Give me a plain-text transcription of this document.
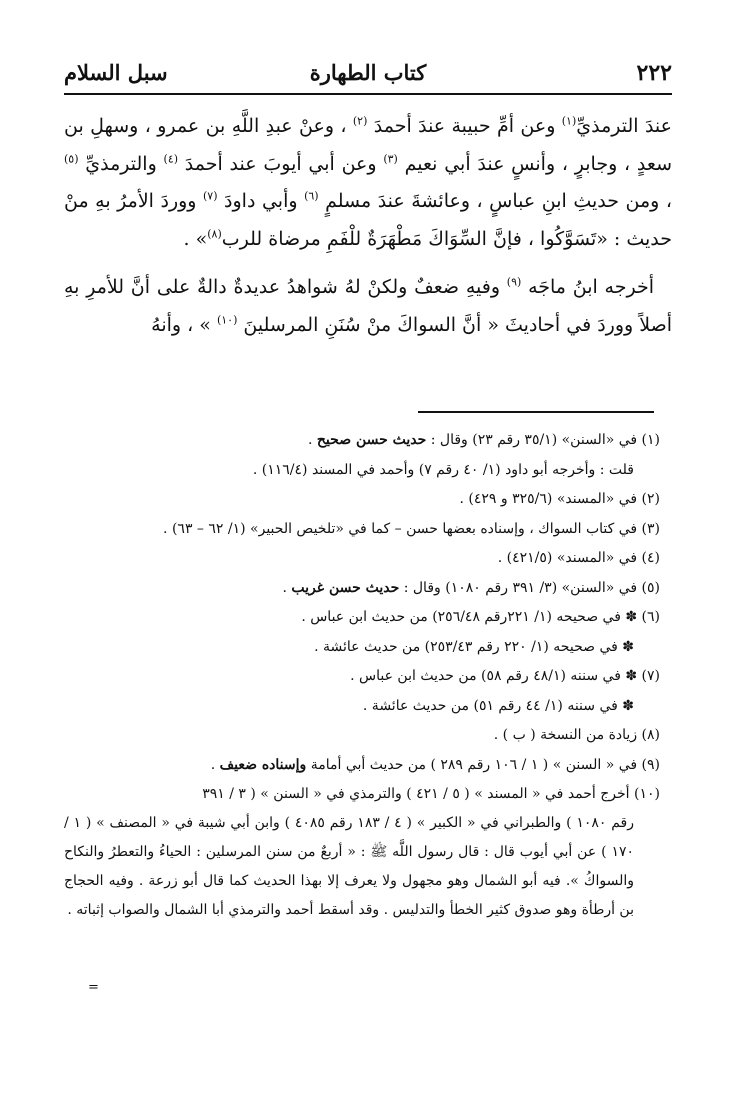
٢٢٢
كتاب الطهارة
سبل السلام

عندَ الترمذيِّ$^{(١)}$ وعن أمِّ حبيبة عندَ أحمدَ $^{(٢)}$ ، وعنْ عبدِ اللَّهِ بن عمرو ، وسهلِ بن سعدٍ ، وجابرٍ ، وأنسٍ عندَ أبي نعيم $^{(٣)}$ وعن أبي أيوبَ عند أحمدَ $^{(٤)}$ والترمذيِّ $^{(٥)}$ ، ومن حديثِ ابنِ عباسٍ ، وعائشةَ عندَ مسلمٍ $^{(٦)}$ وأبي داودَ $^{(٧)}$ ووردَ الأمرُ بهِ منْ حديث : «تَسَوَّكُوا ، فإنَّ السِّوَاكَ مَطْهَرَةٌ للْفَمِ مرضاة للرب$^{(٨)}$» .

أخرجه ابنُ ماجَه $^{(٩)}$ وفيهِ ضعفٌ ولكنْ لهُ شواهدُ عديدةٌ دالةٌ على أنَّ للأمرِ بهِ أصلاً ووردَ في أحاديثَ « أنَّ السواكَ منْ سُنَنِ المرسلينَ $^{(١٠)}$ » ، وأنهُ

(١) في «السنن» (٣٥/١ رقم ٢٣) وقال : حديث حسن صحيح .

قلت : وأخرجه أبو داود (١/ ٤٠ رقم ٧) وأحمد في المسند (١١٦/٤) .

(٢) في «المسند» (٣٢٥/٦ و ٤٢٩) .

(٣) في كتاب السواك ، وإسناده بعضها حسن – كما في «تلخيص الحبير» (١/ ٦٢ – ٦٣) .

(٤) في «المسند» (٤٢١/٥) .

(٥) في «السنن» (٣/ ٣٩١ رقم ١٠٨٠) وقال : حديث حسن غريب .

(٦) ✽ في صحيحه (١/ ٢٢١رقم ٢٥٦/٤٨) من حديث ابن عباس .

✽ في صحيحه (١/ ٢٢٠ رقم ٢٥٣/٤٣) من حديث عائشة .

(٧) ✽ في سننه (٤٨/١ رقم ٥٨) من حديث ابن عباس .

✽ في سننه (١/ ٤٤ رقم ٥١) من حديث عائشة .

(٨) زيادة من النسخة ( ب ) .

(٩) في « السنن » ( ١ / ١٠٦ رقم ٢٨٩ ) من حديث أبي أمامة وإسناده ضعيف .

(١٠) أخرج أحمد في « المسند » ( ٥ / ٤٢١ ) والترمذي في « السنن » ( ٣ / ٣٩١
رقم ١٠٨٠ ) والطبراني في « الكبير » ( ٤ / ١٨٣ رقم ٤٠٨٥ ) وابن أبي شيبة في « المصنف » ( ١ / ١٧٠ ) عن أبي أيوب قال : قال رسول اللَّه ﷺ : « أربعٌ من سنن المرسلين : الحياءُ والتعطرُ والنكاح والسواكُ ». فيه أبو الشمال وهو مجهول ولا يعرف إلا بهذا الحديث كما قال أبو زرعة . وفيه الحجاج بن أرطأة وهو صدوق كثير الخطأ والتدليس . وقد أسقط أحمد والترمذي أبا الشمال والصواب إثباته .

=
